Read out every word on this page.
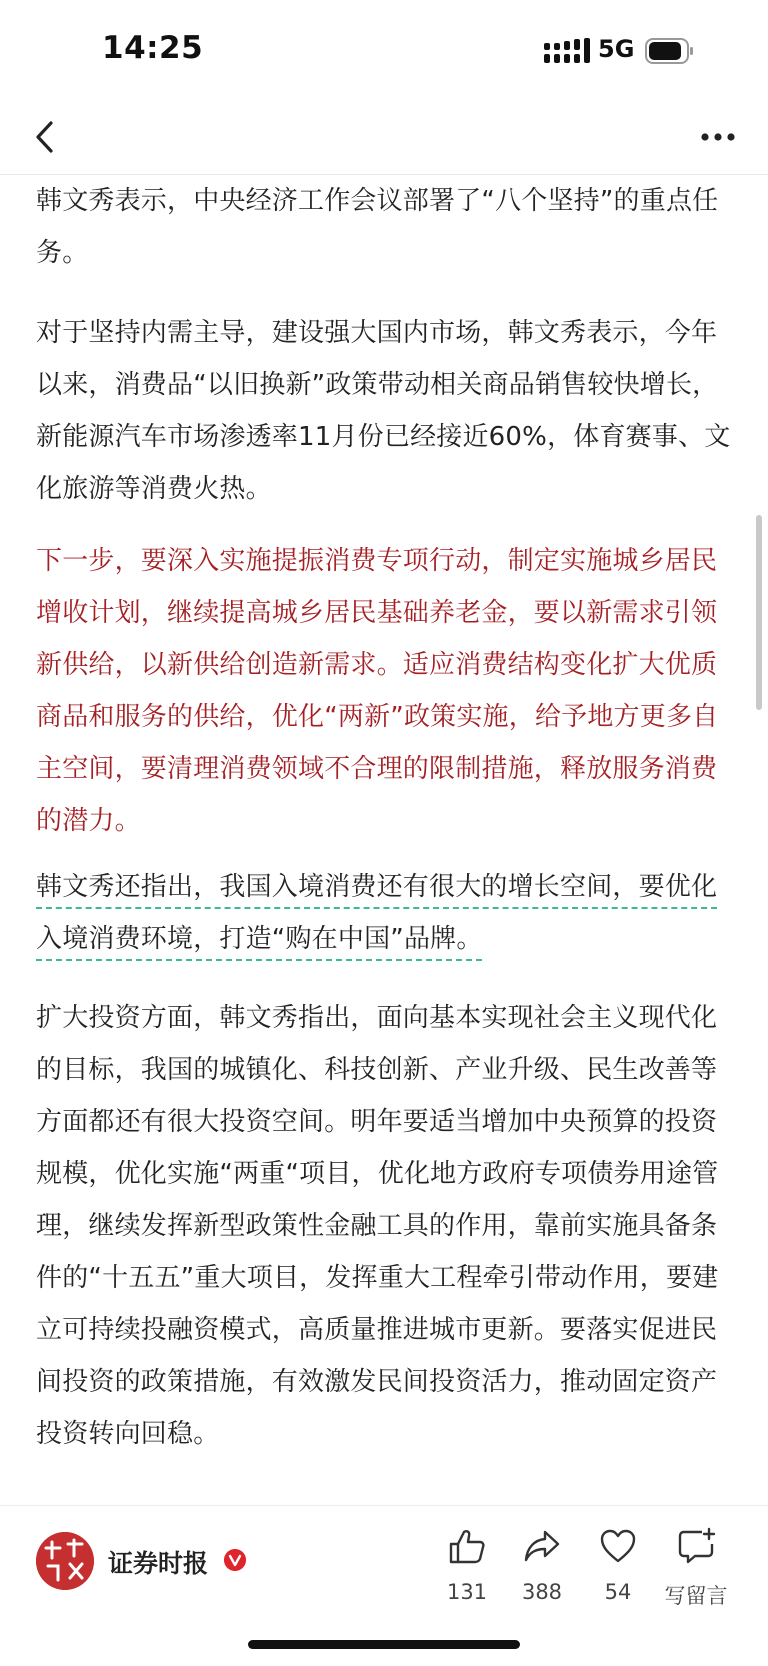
14:25	5G

韩文秀表示，中央经济工作会议部署了“八个坚持”的重点任务。

对于坚持内需主导，建设强大国内市场，韩文秀表示，今年以来，消费品“以旧换新”政策带动相关商品销售较快增长，新能源汽车市场渗透率11月份已经接近60%，体育赛事、文化旅游等消费火热。

下一步，要深入实施提振消费专项行动，制定实施城乡居民增收计划，继续提高城乡居民基础养老金，要以新需求引领新供给，以新供给创造新需求。适应消费结构变化扩大优质商品和服务的供给，优化“两新”政策实施，给予地方更多自主空间，要清理消费领域不合理的限制措施，释放服务消费的潜力。

韩文秀还指出，我国入境消费还有很大的增长空间，要优化入境消费环境，打造“购在中国”品牌。

扩大投资方面，韩文秀指出，面向基本实现社会主义现代化的目标，我国的城镇化、科技创新、产业升级、民生改善等方面都还有很大投资空间。明年要适当增加中央预算的投资规模，优化实施“两重“项目，优化地方政府专项债券用途管理，继续发挥新型政策性金融工具的作用，靠前实施具备条件的“十五五”重大项目，发挥重大工程牵引带动作用，要建立可持续投融资模式，高质量推进城市更新。要落实促进民间投资的政策措施，有效激发民间投资活力，推动固定资产投资转向回稳。

证券时报
131	388	54	写留言
